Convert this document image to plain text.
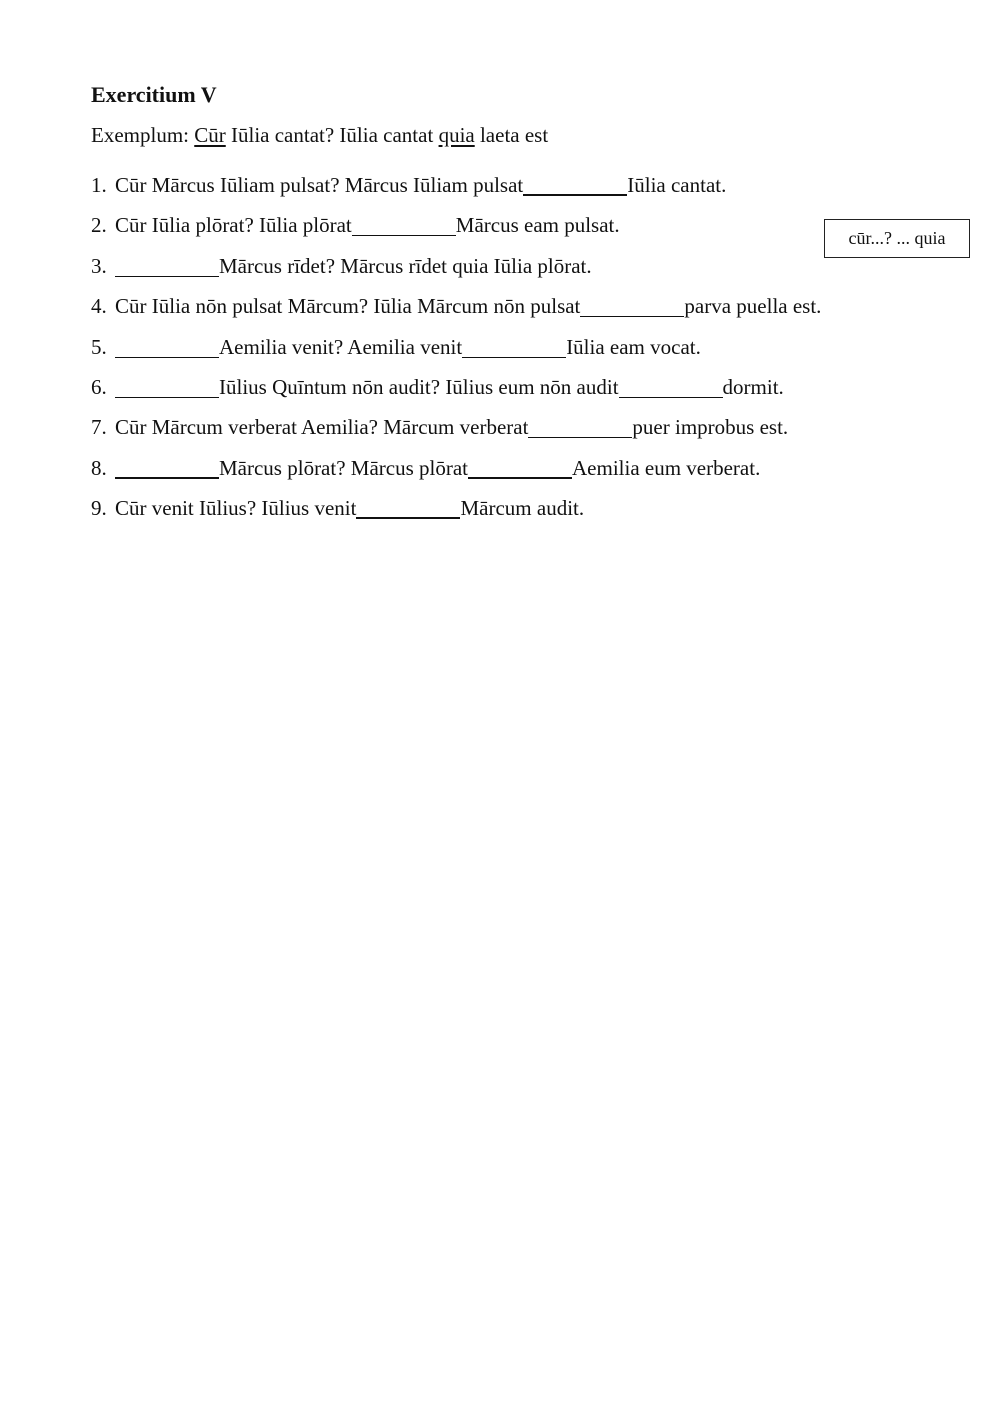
Exercitium V
Exemplum: Cūr Iūlia cantat? Iūlia cantat quia laeta est
1. Cūr Mārcus Iūliam pulsat? Mārcus Iūliam pulsat	Iūlia cantat.
2. Cūr Iūlia plōrat? Iūlia plōrat	Mārcus eam pulsat.
3.	Mārcus rīdet? Mārcus rīdet quia Iūlia plōrat.
4. Cūr Iūlia nōn pulsat Mārcum? Iūlia Mārcum nōn pulsat	parva puella est.
5.	Aemilia venit? Aemilia venit	Iūlia eam vocat.
6.	Iūlius Quīntum nōn audit? Iūlius eum nōn audit	dormit.
7. Cūr Mārcum verberat Aemilia? Mārcum verberat	puer improbus est.
8.	Mārcus plōrat? Mārcus plōrat	Aemilia eum verberat.
9. Cūr venit Iūlius? Iūlius venit	Mārcum audit.
cūr...? ... quia
